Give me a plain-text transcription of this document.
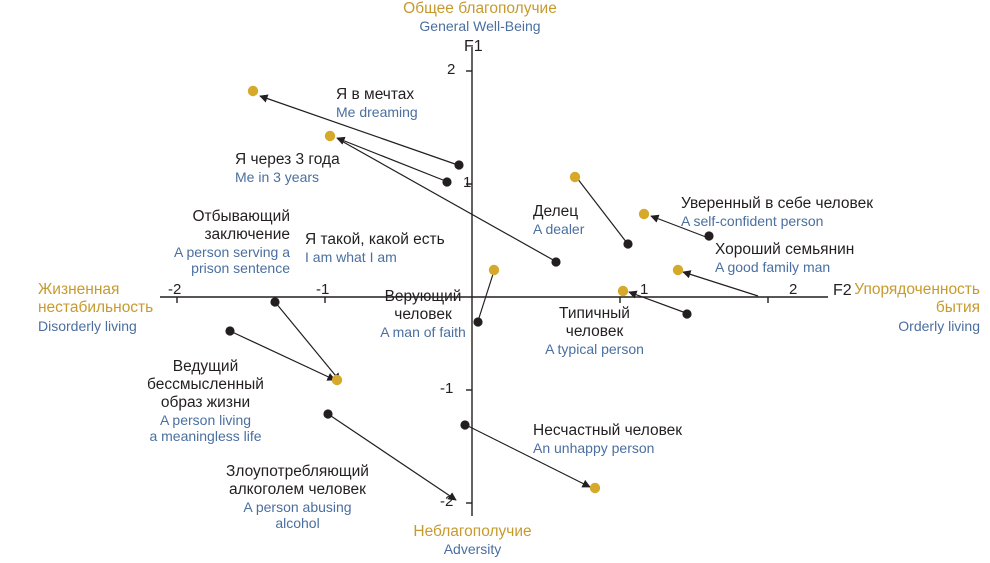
Общее благополучие
General Well-Being
Неблагополучие
Adversity
Жизненная
нестабильность
Disorderly living
Упорядоченность
бытия
Orderly living
F1
F2
2
1
-1
-2
-2	-1	1	2
Я в мечтах
Me dreaming
Я через 3 года
Me in 3 years
Отбывающий
заключение
A person serving a
prison sentence
Я такой, какой есть
I am what I am
Делец
A dealer
Уверенный в себе человек
A self-confident person
Хороший семьянин
A good family man
Верующий
человек
A man of faith
Типичный
человек
A typical person
Ведущий
бессмысленный
образ жизни
A person living
a meaningless life
Злоупотребляющий
алкоголем человек
A person abusing
alcohol
Несчастный человек
An unhappy person
